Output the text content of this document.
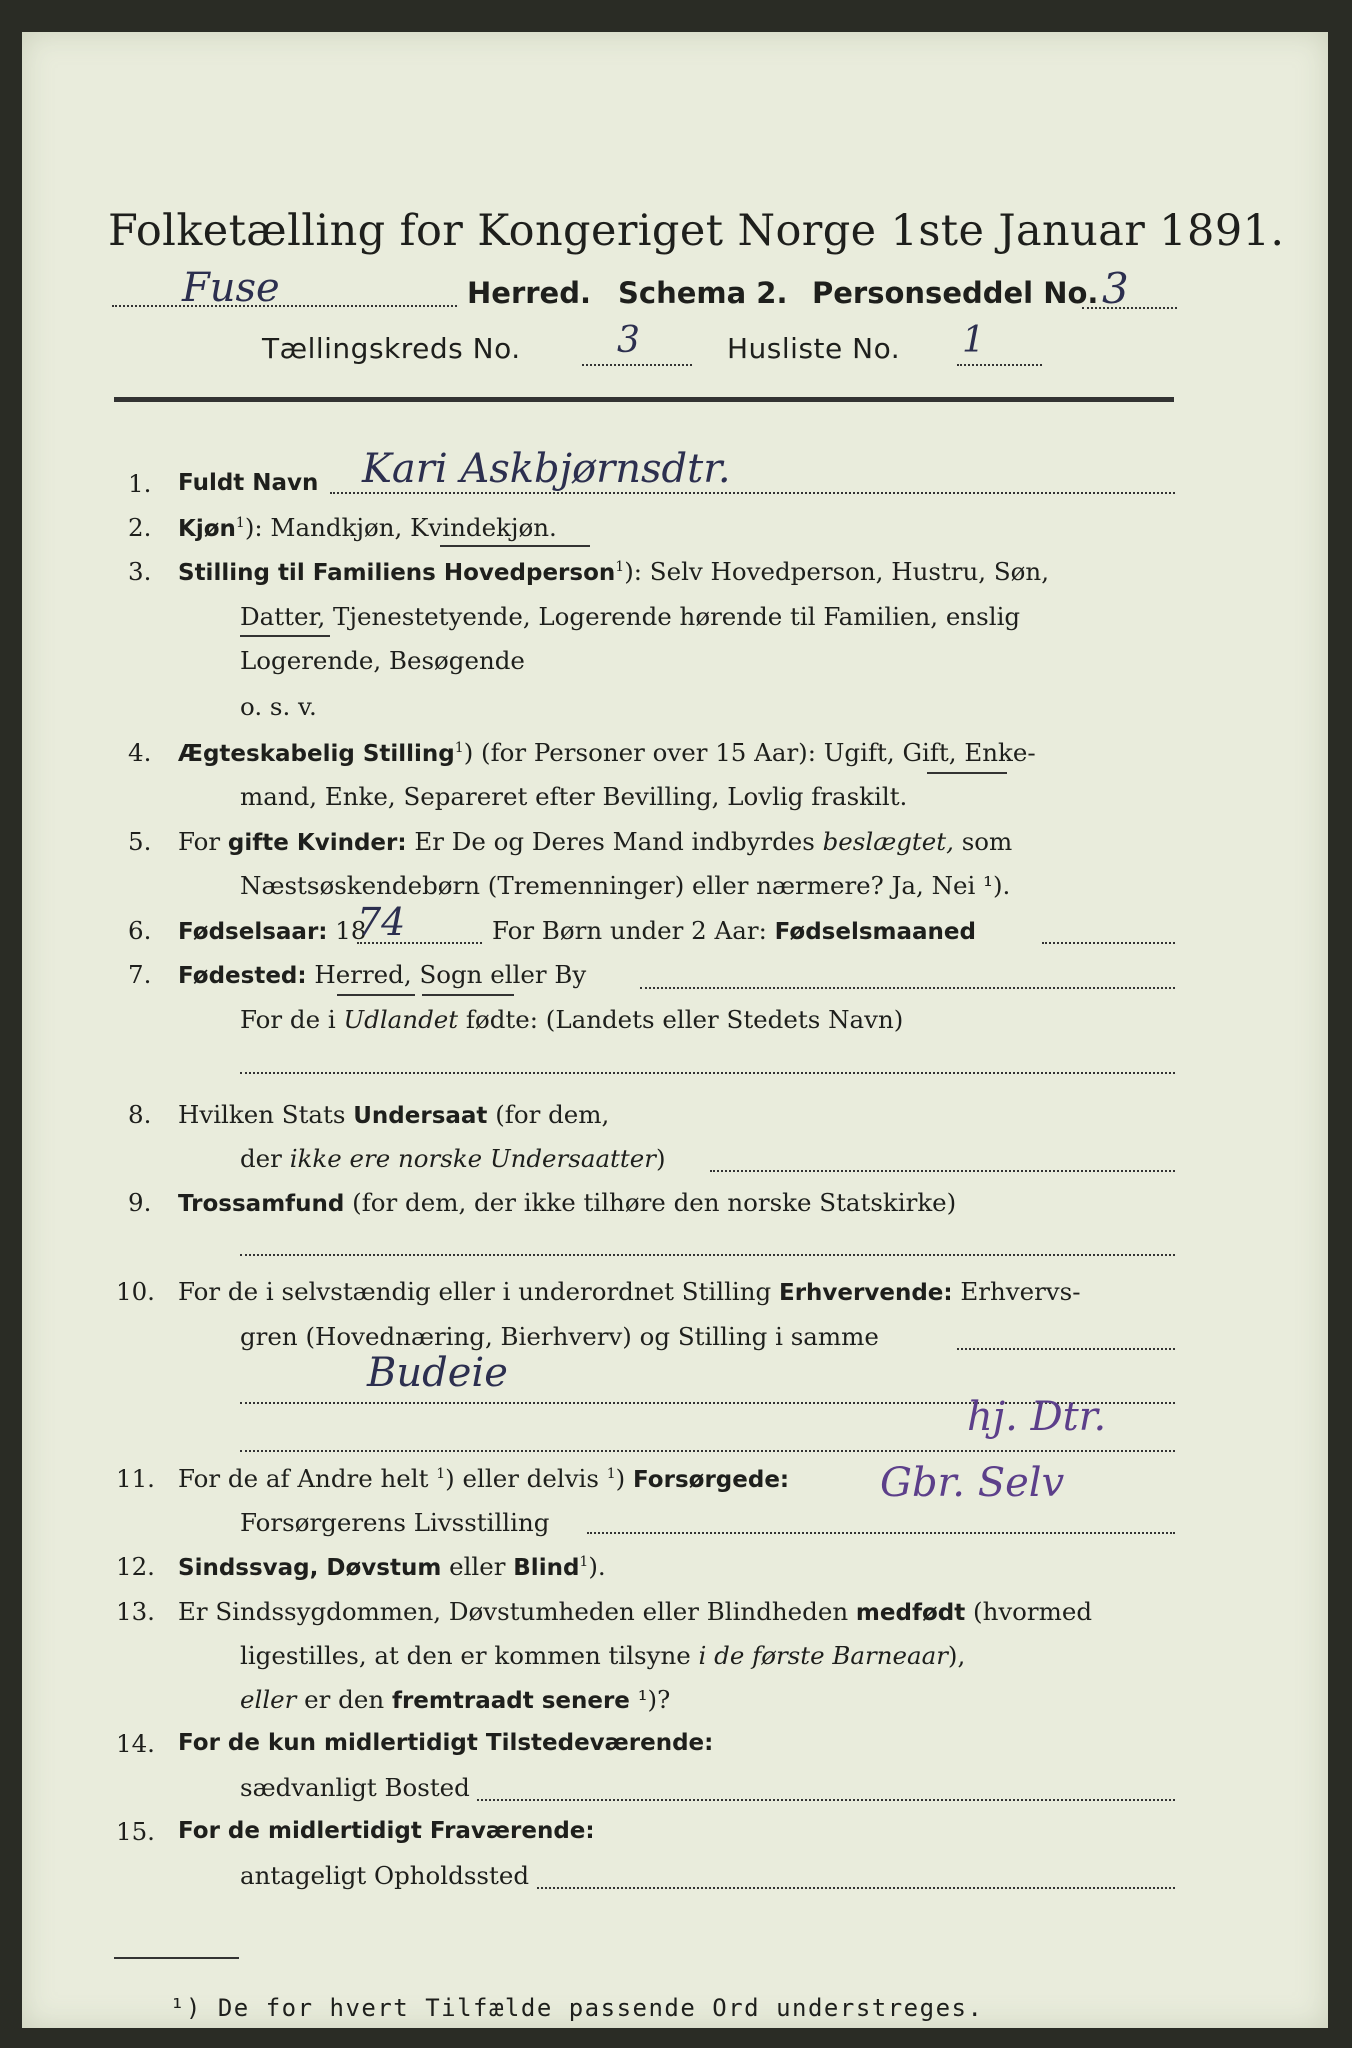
Folketælling for Kongeriget Norge 1ste Januar 1891.
Fuse	Herred. Schema 2. Personseddel No. 3
Tællingskreds No.	3	Husliste No. 1
1. Fuldt Navn Kari Askbjørnsdtr.
2. Kjøn$^1$): Mandkjøn, Kvindekjøn.
3. Stilling til Familiens Hovedperson$^1$): Selv Hovedperson, Hustru, Søn,
Datter, Tjenestetyende, Logerende hørende til Familien, enslig
Logerende, Besøgende
o. s. v.
4. Ægteskabelig Stilling$^1$) (for Personer over 15 Aar): Ugift, Gift, Enke-
mand, Enke, Separeret efter Bevilling, Lovlig fraskilt.
5. For gifte Kvinder: Er De og Deres Mand indbyrdes beslægtet, som
Næstsøskendebørn (Tremenninger) eller nærmere? Ja, Nei ¹).
6. Fødselsaar: 18
74	For Børn under 2 Aar: Fødselsmaaned
7. Fødested: Herred, Sogn eller By
For de i Udlandet fødte: (Landets eller Stedets Navn)
8. Hvilken Stats Undersaat (for dem,
der ikke ere norske Undersaatter)
9. Trossamfund (for dem, der ikke tilhøre den norske Statskirke)
10. For de i selvstændig eller i underordnet Stilling Erhvervende: Erhvervs-
gren (Hovednæring, Bierhverv) og Stilling i samme
Budeie
hj. Dtr.
11. For de af Andre helt $^1$) eller delvis $^1$) Forsørgede: Gbr. Selv
Forsørgerens Livsstilling
12. Sindssvag, Døvstum eller Blind$^1$).
13. Er Sindssygdommen, Døvstumheden eller Blindheden medfødt (hvormed
ligestilles, at den er kommen tilsyne i de første Barneaar),
eller er den fremtraadt senere ¹)?
14. For de kun midlertidigt Tilstedeværende:
sædvanligt Bosted
15. For de midlertidigt Fraværende:
antageligt Opholdssted
¹) De for hvert Tilfælde passende Ord understreges.
